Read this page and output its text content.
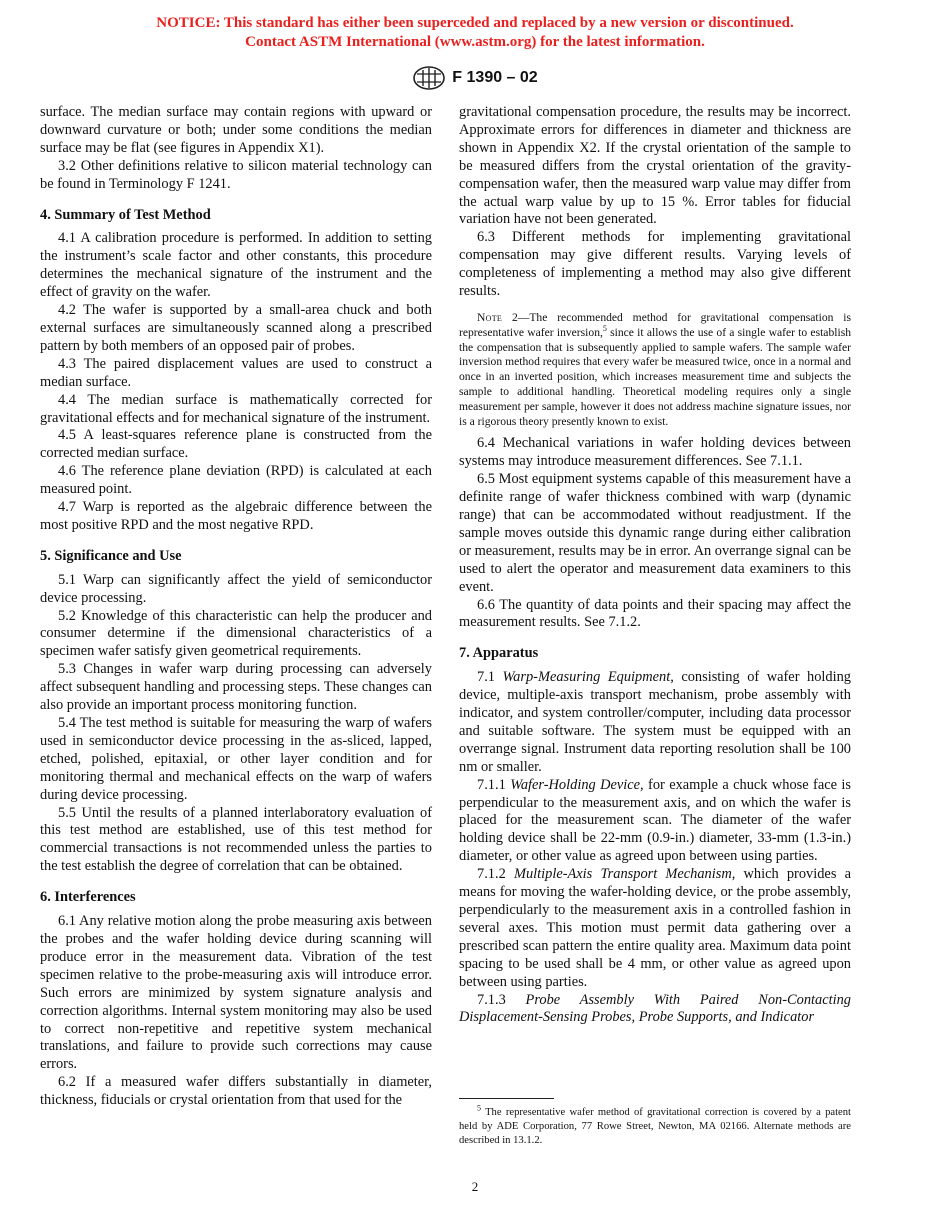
NOTICE: This standard has either been superceded and replaced by a new version or discontinued.
Contact ASTM International (www.astm.org) for the latest information.
F 1390 – 02

surface. The median surface may contain regions with upward or downward curvature or both; under some conditions the median surface may be flat (see figures in Appendix X1).

3.2 Other definitions relative to silicon material technology can be found in Terminology F 1241.

4. Summary of Test Method

4.1 A calibration procedure is performed. In addition to setting the instrument’s scale factor and other constants, this procedure determines the mechanical signature of the instrument and the effect of gravity on the wafer.

4.2 The wafer is supported by a small-area chuck and both external surfaces are simultaneously scanned along a prescribed pattern by both members of an opposed pair of probes.

4.3 The paired displacement values are used to construct a median surface.

4.4 The median surface is mathematically corrected for gravitational effects and for mechanical signature of the instrument.

4.5 A least-squares reference plane is constructed from the corrected median surface.

4.6 The reference plane deviation (RPD) is calculated at each measured point.

4.7 Warp is reported as the algebraic difference between the most positive RPD and the most negative RPD.

5. Significance and Use

5.1 Warp can significantly affect the yield of semiconductor device processing.

5.2 Knowledge of this characteristic can help the producer and consumer determine if the dimensional characteristics of a specimen wafer satisfy given geometrical requirements.

5.3 Changes in wafer warp during processing can adversely affect subsequent handling and processing steps. These changes can also provide an important process monitoring function.

5.4 The test method is suitable for measuring the warp of wafers used in semiconductor device processing in the as-sliced, lapped, etched, polished, epitaxial, or other layer condition and for monitoring thermal and mechanical effects on the warp of wafers during device processing.

5.5 Until the results of a planned interlaboratory evaluation of this test method are established, use of this test method for commercial transactions is not recommended unless the parties to the test establish the degree of correlation that can be obtained.

6. Interferences

6.1 Any relative motion along the probe measuring axis between the probes and the wafer holding device during scanning will produce error in the measurement data. Vibration of the test specimen relative to the probe-measuring axis will introduce error. Such errors are minimized by system signature analysis and correction algorithms. Internal system monitoring may also be used to correct non-repetitive and repetitive system mechanical translations, and failure to provide such corrections may cause errors.

6.2 If a measured wafer differs substantially in diameter, thickness, fiducials or crystal orientation from that used for the

gravitational compensation procedure, the results may be incorrect. Approximate errors for differences in diameter and thickness are shown in Appendix X2. If the crystal orientation of the sample to be measured differs from the crystal orientation of the gravity-compensation wafer, then the measured warp value may differ from the actual warp value by up to 15 %. Error tables for fiducial variation have not been generated.

6.3 Different methods for implementing gravitational compensation may give different results. Varying levels of completeness of implementing a method may also give different results.

Note 2—The recommended method for gravitational compensation is representative wafer inversion,$^5$ since it allows the use of a single wafer to establish the compensation that is subsequently applied to sample wafers. The sample wafer inversion method requires that every wafer be measured twice, once in a normal and once in an inverted position, which increases measurement time and subjects the sample to additional handling. Theoretical modeling requires only a single measurement per sample, however it does not address machine signature issues, nor is a rigorous theory presently known to exist.

6.4 Mechanical variations in wafer holding devices between systems may introduce measurement differences. See 7.1.1.

6.5 Most equipment systems capable of this measurement have a definite range of wafer thickness combined with warp (dynamic range) that can be accommodated without readjustment. If the sample moves outside this dynamic range during either calibration or measurement, results may be in error. An overrange signal can be used to alert the operator and measurement data examiners to this event.

6.6 The quantity of data points and their spacing may affect the measurement results. See 7.1.2.

7. Apparatus

7.1 Warp-Measuring Equipment, consisting of wafer holding device, multiple-axis transport mechanism, probe assembly with indicator, and system controller/computer, including data processor and suitable software. The system must be equipped with an overrange signal. Instrument data reporting resolution shall be 100 nm or smaller.

7.1.1 Wafer-Holding Device, for example a chuck whose face is perpendicular to the measurement axis, and on which the wafer is placed for the measurement scan. The diameter of the wafer holding device shall be 22-mm (0.9-in.) diameter, 33-mm (1.3-in.) diameter, or other value as agreed upon between using parties.

7.1.2 Multiple-Axis Transport Mechanism, which provides a means for moving the wafer-holding device, or the probe assembly, perpendicularly to the measurement axis in a controlled fashion in several axes. This motion must permit data gathering over a prescribed scan pattern the entire quality area. Maximum data point spacing to be used shall be 4 mm, or other value as agreed upon between using parties.

7.1.3 Probe Assembly With Paired Non-Contacting Displacement-Sensing Probes, Probe Supports, and Indicator

$^5$ The representative wafer method of gravitational correction is covered by a patent held by ADE Corporation, 77 Rowe Street, Newton, MA 02166. Alternate methods are described in 13.1.2.

2
